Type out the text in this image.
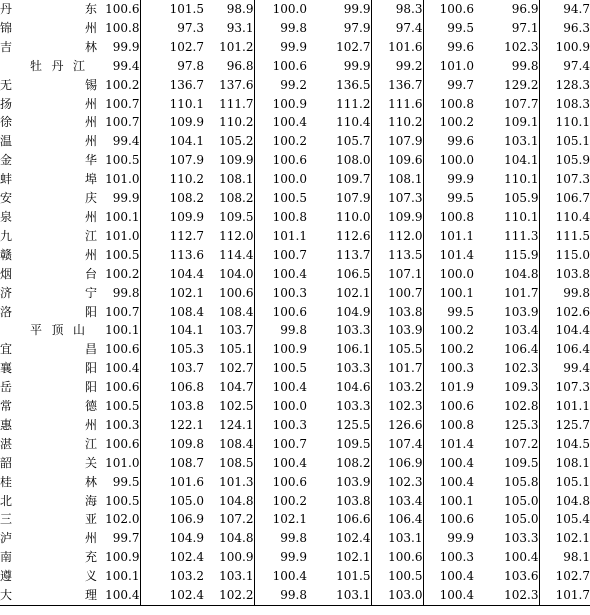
丹　东	100.6	101.5	98.9	100.0	99.9	98.3	100.6	96.9	94.7
锦　州	100.8	97.3	93.1	99.8	97.9	97.4	99.5	97.1	96.3
吉　林	99.9	102.7	101.2	99.9	102.7	101.6	99.6	102.3	100.9
牡丹江	99.4	97.8	96.8	100.6	99.9	99.2	101.0	99.8	97.4
无　锡	100.2	136.7	137.6	99.2	136.5	136.7	99.7	129.2	128.3
扬　州	100.7	110.1	111.7	100.9	111.2	111.6	100.8	107.7	108.3
徐　州	100.7	109.9	110.2	100.4	110.4	110.2	100.2	109.1	110.1
温　州	99.4	104.1	105.2	100.2	105.7	107.9	99.6	103.1	105.1
金　华	100.5	107.9	109.9	100.6	108.0	109.6	100.0	104.1	105.9
蚌　埠	101.0	110.2	108.1	100.0	109.7	108.1	99.9	110.1	107.3
安　庆	99.9	108.2	108.2	100.5	107.9	107.3	99.5	105.9	106.7
泉　州	100.1	109.9	109.5	100.8	110.0	109.9	100.8	110.1	110.4
九　江	101.0	112.7	112.0	101.1	112.6	112.0	101.1	111.3	111.5
赣　州	100.5	113.6	114.4	100.7	113.7	113.5	101.4	115.9	115.0
烟　台	100.2	104.4	104.0	100.4	106.5	107.1	100.0	104.8	103.8
济　宁	99.8	102.1	100.6	100.3	102.1	100.7	100.1	101.7	99.8
洛　阳	100.7	108.4	108.4	100.6	104.9	103.8	99.5	103.9	102.6
平顶山	100.1	104.1	103.7	99.8	103.3	103.9	100.2	103.4	104.4
宜　昌	100.6	105.3	105.1	100.9	106.1	105.5	100.2	106.4	106.4
襄　阳	100.4	103.7	102.7	100.5	103.3	101.7	100.3	102.3	99.4
岳　阳	100.6	106.8	104.7	100.4	104.6	103.2	101.9	109.3	107.3
常　德	100.5	103.8	102.5	100.0	103.3	102.3	100.6	102.8	101.1
惠　州	100.3	122.1	124.1	100.3	125.5	126.6	100.8	125.3	125.7
湛　江	100.6	109.8	108.4	100.7	109.5	107.4	101.4	107.2	104.5
韶　关	101.0	108.7	108.5	100.4	108.2	106.9	100.4	109.5	108.1
桂　林	99.5	101.6	101.3	100.6	103.9	102.3	100.4	105.8	105.1
北　海	100.5	105.0	104.8	100.2	103.8	103.4	100.1	105.0	104.8
三　亚	102.0	106.9	107.2	102.1	106.6	106.4	100.6	105.0	105.4
泸　州	99.7	104.9	104.8	99.8	102.4	103.1	99.9	103.3	102.1
南　充	100.9	102.4	100.9	99.9	102.1	100.6	100.3	100.4	98.1
遵　义	100.1	103.2	103.1	100.4	101.5	100.5	100.4	103.6	102.7
大　理	100.4	102.4	102.2	99.8	103.1	103.0	100.4	102.3	101.7
